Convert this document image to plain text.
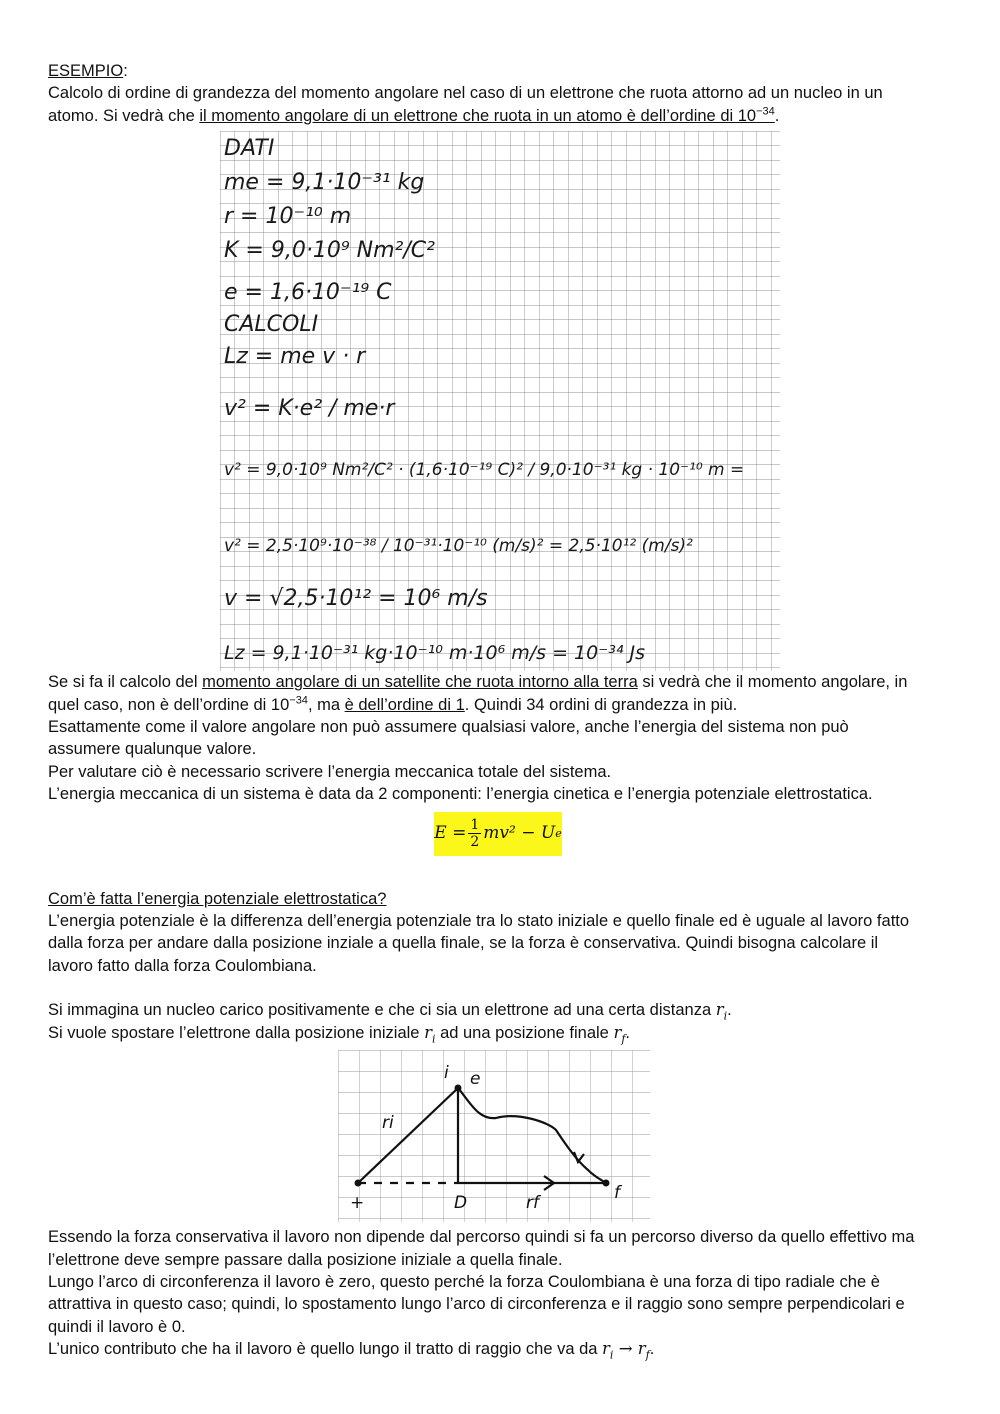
ESEMPIO:
Calcolo di ordine di grandezza del momento angolare nel caso di un elettrone che ruota attorno ad un nucleo in un
atomo. Si vedrà che il momento angolare di un elettrone che ruota in un atomo è dell’ordine di $10^{-34}$.
DATI
me = 9,1·10⁻³¹ kg
r = 10⁻¹⁰ m
K = 9,0·10⁹ Nm²/C²
e = 1,6·10⁻¹⁹ C
CALCOLI
Lz = me v · r
v² = K·e² / me·r
v² = 9,0·10⁹ Nm²/C² · (1,6·10⁻¹⁹ C)² / 9,0·10⁻³¹ kg · 10⁻¹⁰ m =
v² = 2,5·10⁹·10⁻³⁸ / 10⁻³¹·10⁻¹⁰ (m/s)² = 2,5·10¹² (m/s)²
v = √2,5·10¹² = 10⁶ m/s
Lz = 9,1·10⁻³¹ kg·10⁻¹⁰ m·10⁶ m/s = 10⁻³⁴ Js
Se si fa il calcolo del momento angolare di un satellite che ruota intorno alla terra si vedrà che il momento angolare, in
quel caso, non è dell’ordine di $10^{-34}$, ma è dell’ordine di 1. Quindi 34 ordini di grandezza in più.
Esattamente come il valore angolare non può assumere qualsiasi valore, anche l’energia del sistema non può
assumere qualunque valore.
Per valutare ciò è necessario scrivere l’energia meccanica totale del sistema.
L’energia meccanica di un sistema è data da 2 componenti: l’energia cinetica e l’energia potenziale elettrostatica.
$E = \frac{1}{2} mv^2 - U$ e
Com’è fatta l’energia potenziale elettrostatica?
L’energia potenziale è la differenza dell’energia potenziale tra lo stato iniziale e quello finale ed è uguale al lavoro fatto
dalla forza per andare dalla posizione inziale a quella finale, se la forza è conservativa. Quindi bisogna calcolare il
lavoro fatto dalla forza Coulombiana.
Si immagina un nucleo carico positivamente e che ci sia un elettrone ad una certa distanza $r_i$.
Si vuole spostare l’elettrone dalla posizione iniziale $r_i$ ad una posizione finale $r_f$.
i e
ri
+	D	rf	f
Essendo la forza conservativa il lavoro non dipende dal percorso quindi si fa un percorso diverso da quello effettivo ma
l’elettrone deve sempre passare dalla posizione iniziale a quella finale.
Lungo l’arco di circonferenza il lavoro è zero, questo perché la forza Coulombiana è una forza di tipo radiale che è
attrattiva in questo caso; quindi, lo spostamento lungo l’arco di circonferenza e il raggio sono sempre perpendicolari e
quindi il lavoro è 0.
L’unico contributo che ha il lavoro è quello lungo il tratto di raggio che va da $r_i \to r_f$.
